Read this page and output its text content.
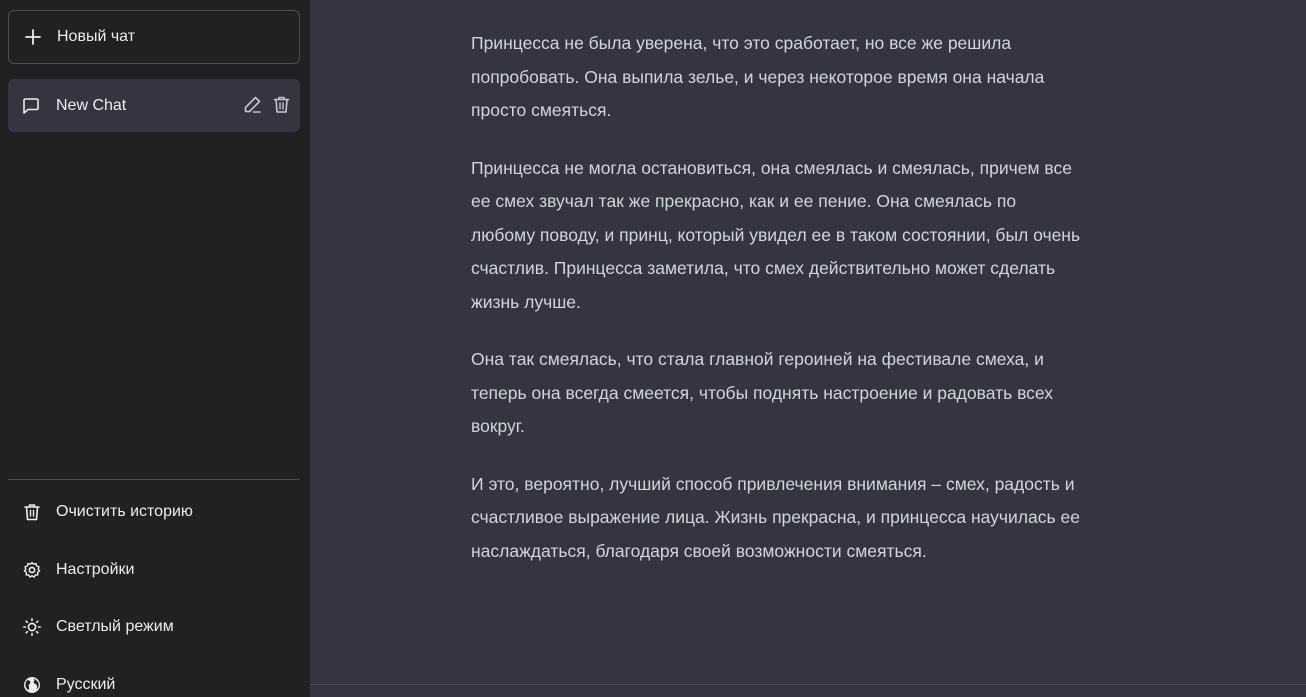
Новый чат
New Chat
Очистить историю
Настройки
Светлый режим
Русский

Принцесса не была уверена, что это сработает, но все же решила попробовать. Она выпила зелье, и через некоторое время она начала просто смеяться.

Принцесса не могла остановиться, она смеялась и смеялась, причем все ее смех звучал так же прекрасно, как и ее пение. Она смеялась по любому поводу, и принц, который увидел ее в таком состоянии, был очень счастлив. Принцесса заметила, что смех действительно может сделать жизнь лучше.

Она так смеялась, что стала главной героиней на фестивале смеха, и теперь она всегда смеется, чтобы поднять настроение и радовать всех вокруг.

И это, вероятно, лучший способ привлечения внимания – смех, радость и счастливое выражение лица. Жизнь прекрасна, и принцесса научилась ее наслаждаться, благодаря своей возможности смеяться.
